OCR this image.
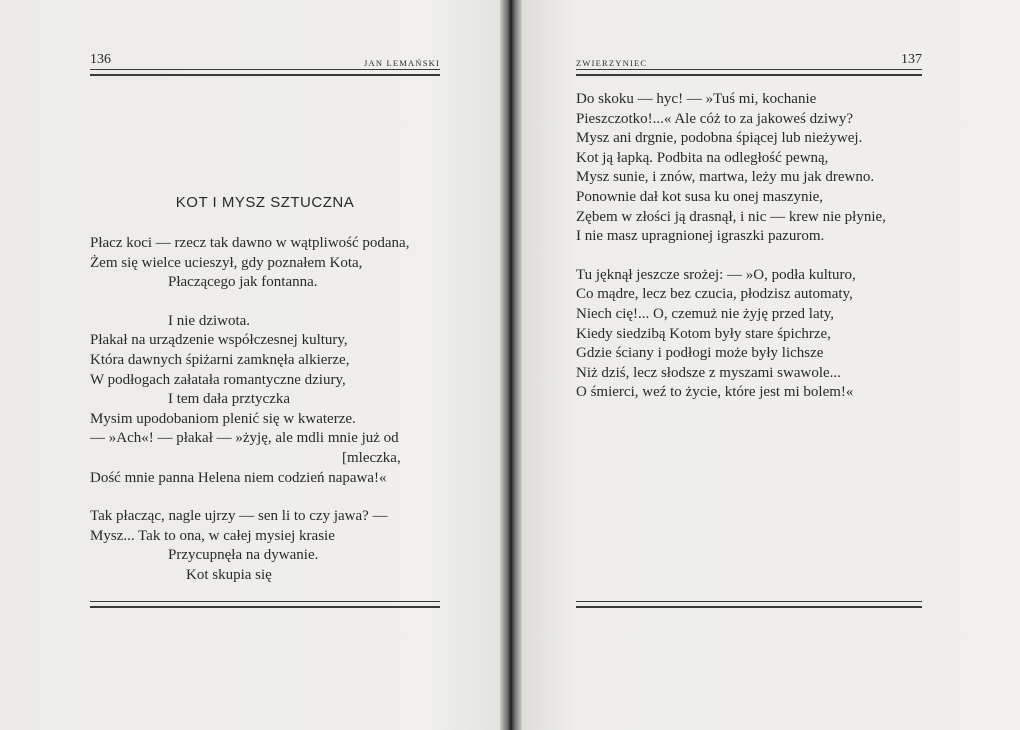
136	JAN LEMAŃSKI
KOT I MYSZ SZTUCZNA
Płacz koci — rzecz tak dawno w wątpliwość podana,
Żem się wielce ucieszył, gdy poznałem Kota,
Płaczącego jak fontanna.
I nie dziwota.
Płakał na urządzenie współczesnej kultury,
Która dawnych śpiżarni zamknęła alkierze,
W podłogach załatała romantyczne dziury,
I tem dała prztyczka
Mysim upodobaniom plenić się w kwaterze.
— »Ach«! — płakał — »żyję, ale mdli mnie już od
[mleczka,
Dość mnie panna Helena niem codzień napawa!«
Tak płacząc, nagle ujrzy — sen li to czy jawa? —
Mysz... Tak to ona, w całej mysiej krasie
Przycupnęła na dywanie.
Kot skupia się

ZWIERZYNIEC	137
Do skoku — hyc! — »Tuś mi, kochanie
Pieszczotko!...« Ale cóż to za jakoweś dziwy?
Mysz ani drgnie, podobna śpiącej lub nieżywej.
Kot ją łapką. Podbita na odległość pewną,
Mysz sunie, i znów, martwa, leży mu jak drewno.
Ponownie dał kot susa ku onej maszynie,
Zębem w złości ją drasnął, i nic — krew nie płynie,
I nie masz upragnionej igraszki pazurom.
Tu jęknął jeszcze srożej: — »O, podła kulturo,
Co mądre, lecz bez czucia, płodzisz automaty,
Niech cię!... O, czemuż nie żyję przed laty,
Kiedy siedzibą Kotom były stare śpichrze,
Gdzie ściany i podłogi może były lichsze
Niż dziś, lecz słodsze z myszami swawole...
O śmierci, weź to życie, które jest mi bolem!«
